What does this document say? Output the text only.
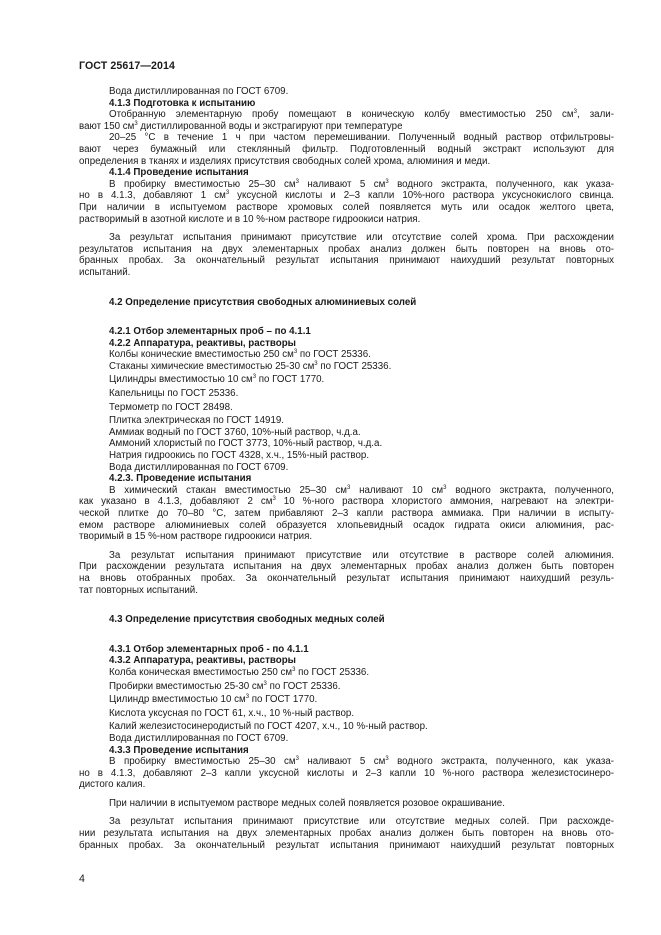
ГОСТ 25617—2014

Вода дистиллированная по ГОСТ 6709.

4.1.3 Подготовка к испытанию

Отобранную элементарную пробу помещают в коническую колбу вместимостью 250 $см^3$, зали-

вают 150 $см^3$ дистиллированной воды и экстрагируют при температуре

20–25 °С в течение 1 ч при частом перемешивании. Полученный водный раствор отфильтровы-

вают через бумажный или стеклянный фильтр. Подготовленный водный экстракт используют для

определения в тканях и изделиях присутствия свободных солей хрома, алюминия и меди.

4.1.4 Проведение испытания

В пробирку вместимостью 25–30 $см^3$ наливают 5 $см^3$ водного экстракта, полученного, как указа-

но в 4.1.3, добавляют 1 $см^3$ уксусной кислоты и 2–3 капли 10%-ного раствора уксуснокислого свинца.

При наличии в испытуемом растворе хромовых солей появляется муть или осадок желтого цвета,

растворимый в азотной кислоте и в 10 %-ном растворе гидроокиси натрия.

За результат испытания принимают присутствие или отсутствие солей хрома. При расхождении

результатов испытания на двух элементарных пробах анализ должен быть повторен на вновь ото-

бранных пробах. За окончательный результат испытания принимают наихудший результат повторных

испытаний.

4.2 Определение присутствия свободных алюминиевых солей

4.2.1 Отбор элементарных проб – по 4.1.1

4.2.2 Аппаратура, реактивы, растворы

Колбы конические вместимостью 250 $см^3$ по ГОСТ 25336.

Стаканы химические вместимостью 25-30 $см^3$ по ГОСТ 25336.

Цилиндры вместимостью 10 $см^3$ по ГОСТ 1770.

Капельницы по ГОСТ 25336.

Термометр по ГОСТ 28498.

Плитка электрическая по ГОСТ 14919.

Аммиак водный по ГОСТ 3760, 10%-ный раствор, ч.д.а.

Аммоний хлористый по ГОСТ 3773, 10%-ный раствор, ч.д.а.

Натрия гидроокись по ГОСТ 4328, х.ч., 15%-ный раствор.

Вода дистиллированная по ГОСТ 6709.

4.2.3. Проведение испытания

В химический стакан вместимостью 25–30 $см^3$ наливают 10 $см^3$ водного экстракта, полученного,

как указано в 4.1.3, добавляют 2 $см^3$ 10 %-ного раствора хлористого аммония, нагревают на электри-

ческой плитке до 70–80 °С, затем прибавляют 2–3 капли раствора аммиака. При наличии в испыту-

емом растворе алюминиевых солей образуется хлопьевидный осадок гидрата окиси алюминия, рас-

творимый в 15 %-ном растворе гидроокиси натрия.

За результат испытания принимают присутствие или отсутствие в растворе солей алюминия.

При расхождении результата испытания на двух элементарных пробах анализ должен быть повторен

на вновь отобранных пробах. За окончательный результат испытания принимают наихудший резуль-

тат повторных испытаний.

4.3 Определение присутствия свободных медных солей

4.3.1 Отбор элементарных проб - по 4.1.1

4.3.2 Аппаратура, реактивы, растворы

Колба коническая вместимостью 250 $см^3$ по ГОСТ 25336.

Пробирки вместимостью 25-30 $см^3$ по ГОСТ 25336.

Цилиндр вместимостью 10 $см^3$ по ГОСТ 1770.

Кислота уксусная по ГОСТ 61, х.ч., 10 %-ный раствор.

Калий железистосинеродистый по ГОСТ 4207, х.ч., 10 %-ный раствор.

Вода дистиллированная по ГОСТ 6709.

4.3.3 Проведение испытания

В пробирку вместимостью 25–30 $см^3$ наливают 5 $см^3$ водного экстракта, полученного, как указа-

но в 4.1.3, добавляют 2–3 капли уксусной кислоты и 2–3 капли 10 %-ного раствора железистосинеро-

дистого калия.

При наличии в испытуемом растворе медных солей появляется розовое окрашивание.

За результат испытания принимают присутствие или отсутствие медных солей. При расхожде-

нии результата испытания на двух элементарных пробах анализ должен быть повторен на вновь ото-

бранных пробах. За окончательный результат испытания принимают наихудший результат повторных

4
